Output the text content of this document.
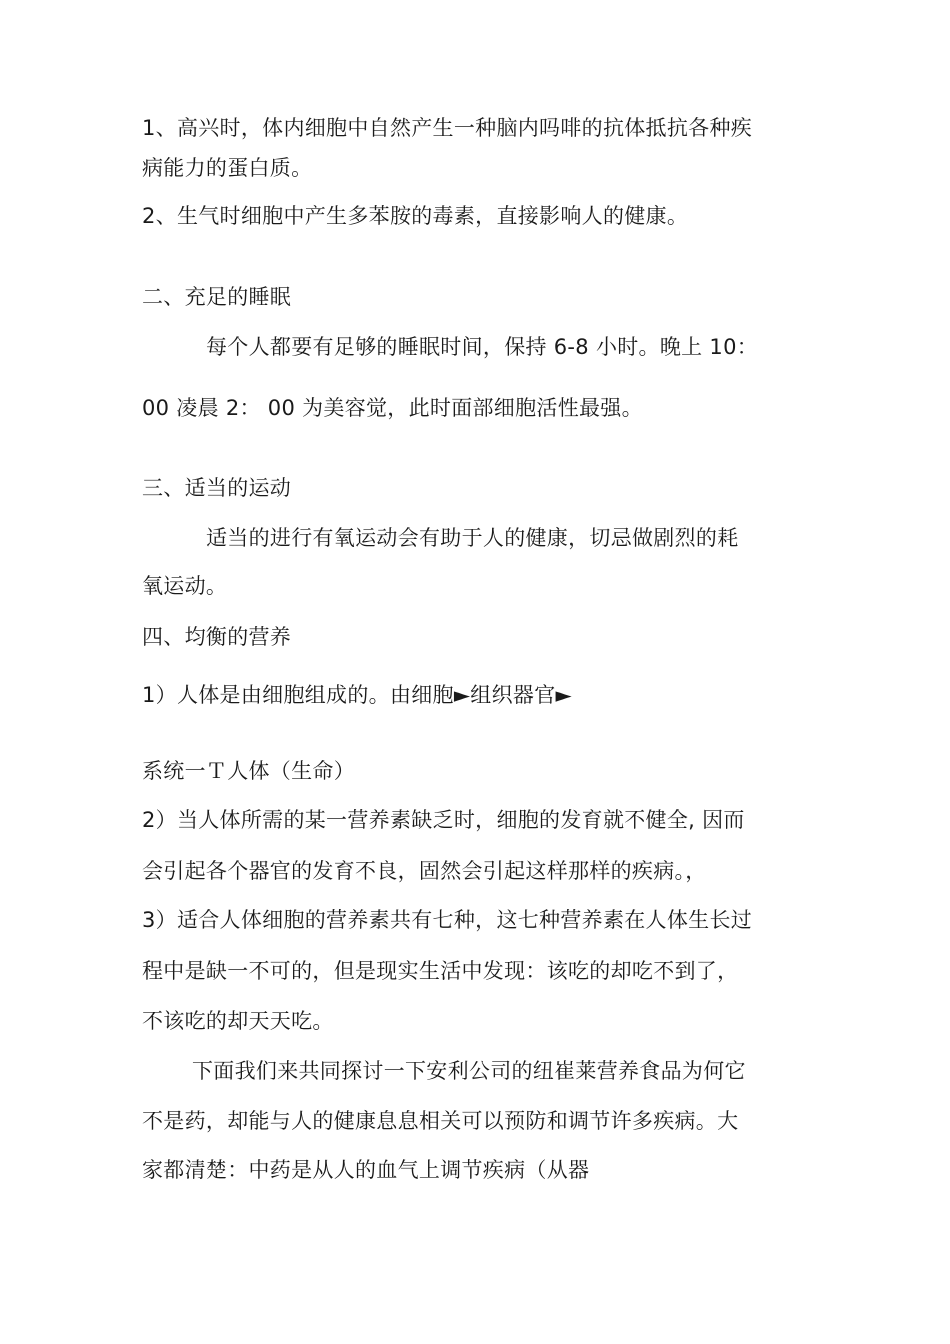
1、高兴时，体内细胞中自然产生一种脑内吗啡的抗体抵抗各种疾
病能力的蛋白质。
2、生气时细胞中产生多苯胺的毒素，直接影响人的健康。
二、充足的睡眠
每个人都要有足够的睡眠时间，保持 6-8 小时。晚上 10：
00 凌晨 2： 00 为美容觉，此时面部细胞活性最强。
三、适当的运动
适当的进行有氧运动会有助于人的健康，切忌做剧烈的耗
氧运动。
四、均衡的营养
1）人体是由细胞组成的。由细胞►组织器官►
系统一Ｔ人体（生命）
2）当人体所需的某一营养素缺乏时，细胞的发育就不健全, 因而
会引起各个器官的发育不良，固然会引起这样那样的疾病。，
3）适合人体细胞的营养素共有七种，这七种营养素在人体生长过
程中是缺一不可的，但是现实生活中发现：该吃的却吃不到了，
不该吃的却天天吃。
下面我们来共同探讨一下安利公司的纽崔莱营养食品为何它
不是药，却能与人的健康息息相关可以预防和调节许多疾病。大
家都清楚：中药是从人的血气上调节疾病（从器
